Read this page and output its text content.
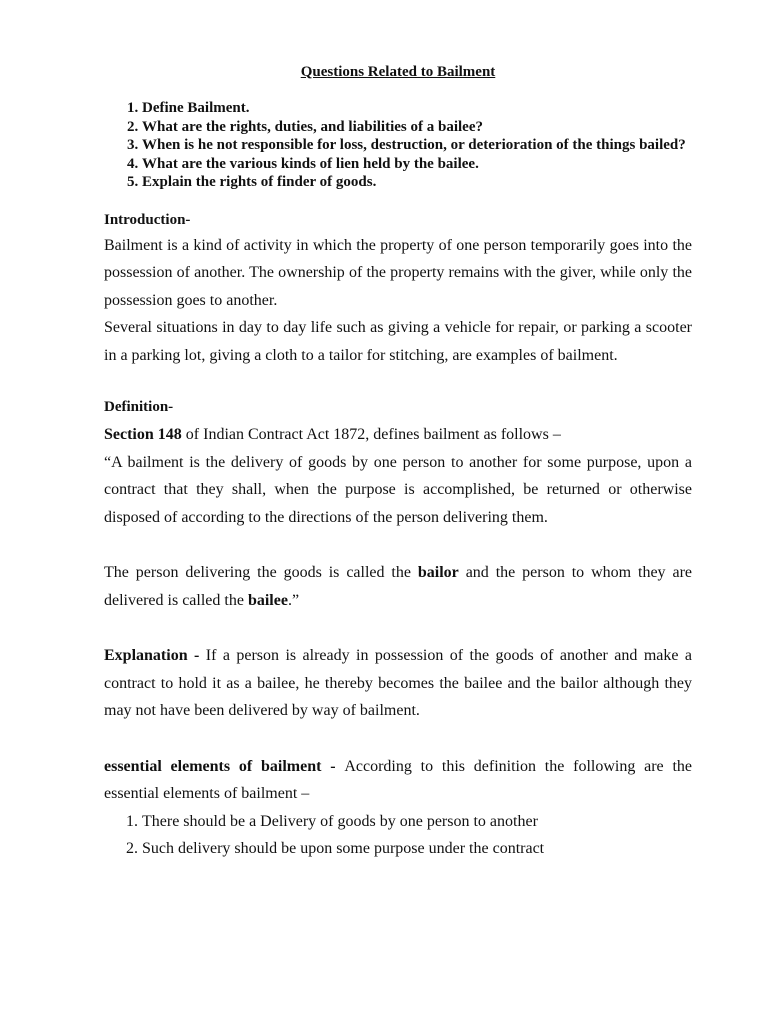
Questions Related to Bailment
1. Define Bailment.
2. What are the rights, duties, and liabilities of a bailee?
3. When is he not responsible for loss, destruction, or deterioration of the things bailed?
4. What are the various kinds of lien held by the bailee.
5. Explain the rights of finder of goods.
Introduction-

Bailment is a kind of activity in which the property of one person temporarily goes into the possession of another. The ownership of the property remains with the giver, while only the possession goes to another.

Several situations in day to day life such as giving a vehicle for repair, or parking a scooter in a parking lot, giving a cloth to a tailor for stitching, are examples of bailment.

Definition-

Section 148 of Indian Contract Act 1872, defines bailment as follows –

“A bailment is the delivery of goods by one person to another for some purpose, upon a contract that they shall, when the purpose is accomplished, be returned or otherwise disposed of according to the directions of the person delivering them.

The person delivering the goods is called the bailor and the person to whom they are delivered is called the bailee.”

Explanation - If a person is already in possession of the goods of another and make a contract to hold it as a bailee, he thereby becomes the bailee and the bailor although they may not have been delivered by way of bailment.

essential elements of bailment - According to this definition the following are the essential elements of bailment –

1. There should be a Delivery of goods by one person to another
2. Such delivery should be upon some purpose under the contract
